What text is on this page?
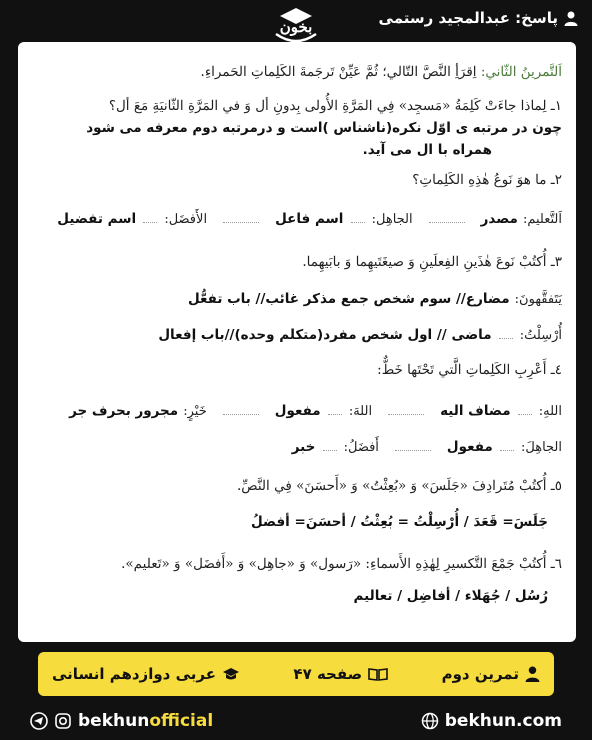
پاسخ: عبدالمجید رستمی
بخون
اَلتَّمرينُ الثّاني: اِقرَأِ النَّصَّ التّالي؛ ثُمَّ عَيِّنْ تَرجَمةَ الكَلِماتِ الحَمراءِ.
١ـ لِماذا جاءَتْ كَلِمَةُ «مَسجِد» فِي المَرَّةِ الأُولى بِدونِ أل وَ في المَرَّةِ الثّانيَةِ مَعَ أل؟
چون در مرتبه ی اوّل نکره(ناشناس )است و درمرتبه دوم معرفه می شود
همراه با ال می آید.
٢ـ ما هوَ نَوعُ هٰذِهِ الكَلِماتِ؟
اَلتَّعليم: مصدر
الجاهِل:  اسم فاعل
الأَفضَل:  اسم تفضیل
٣ـ أُكتُبْ نَوعَ هٰذَينِ الفِعلَينِ وَ صيغَتَيهِما وَ بابَيهِما.
يَتَفقَّهونَ: مضارع// سوم شخص جمع مذکر غائب// باب تفعُّل
أُرْسِلْتُ:  ماضی // اول شخص مفرد(متکلم وحده)//باب إفعال
٤ـ أَعْرِبِ الكَلِماتِ الَّتي تَحْتَها خَطٌّ:
اللهِ:  مضاف الیه
اللهَ:  مفعول
خَيْرٍ: مجرور بحرف جر
الجاهِلَ:  مفعول
أَفضَلُ:  خبر
٥ـ أُكتُبْ مُتَرادِفَ «جَلَسَ» وَ «بُعِثْتُ» وَ «أَحسَنَ» فِي النَّصِّ.
جَلَسَ= قَعَدَ / أُرْسِلْتُ = بُعِثْتُ / أحسَنَ= أفضلُ
٦ـ أُكتُبْ جَمْعَ التَّكسيرِ لِهٰذِهِ الأَسماءِ: «رَسول» وَ «جاهِل» وَ «أَفضَل» وَ «تَعليم».
رُسُل / جُهَلاء / أفاضِل / تعالیم
تمرین دوم
صفحه ۴۷
عربی دوازدهم انسانی
bekhunofficial	bekhun.com
